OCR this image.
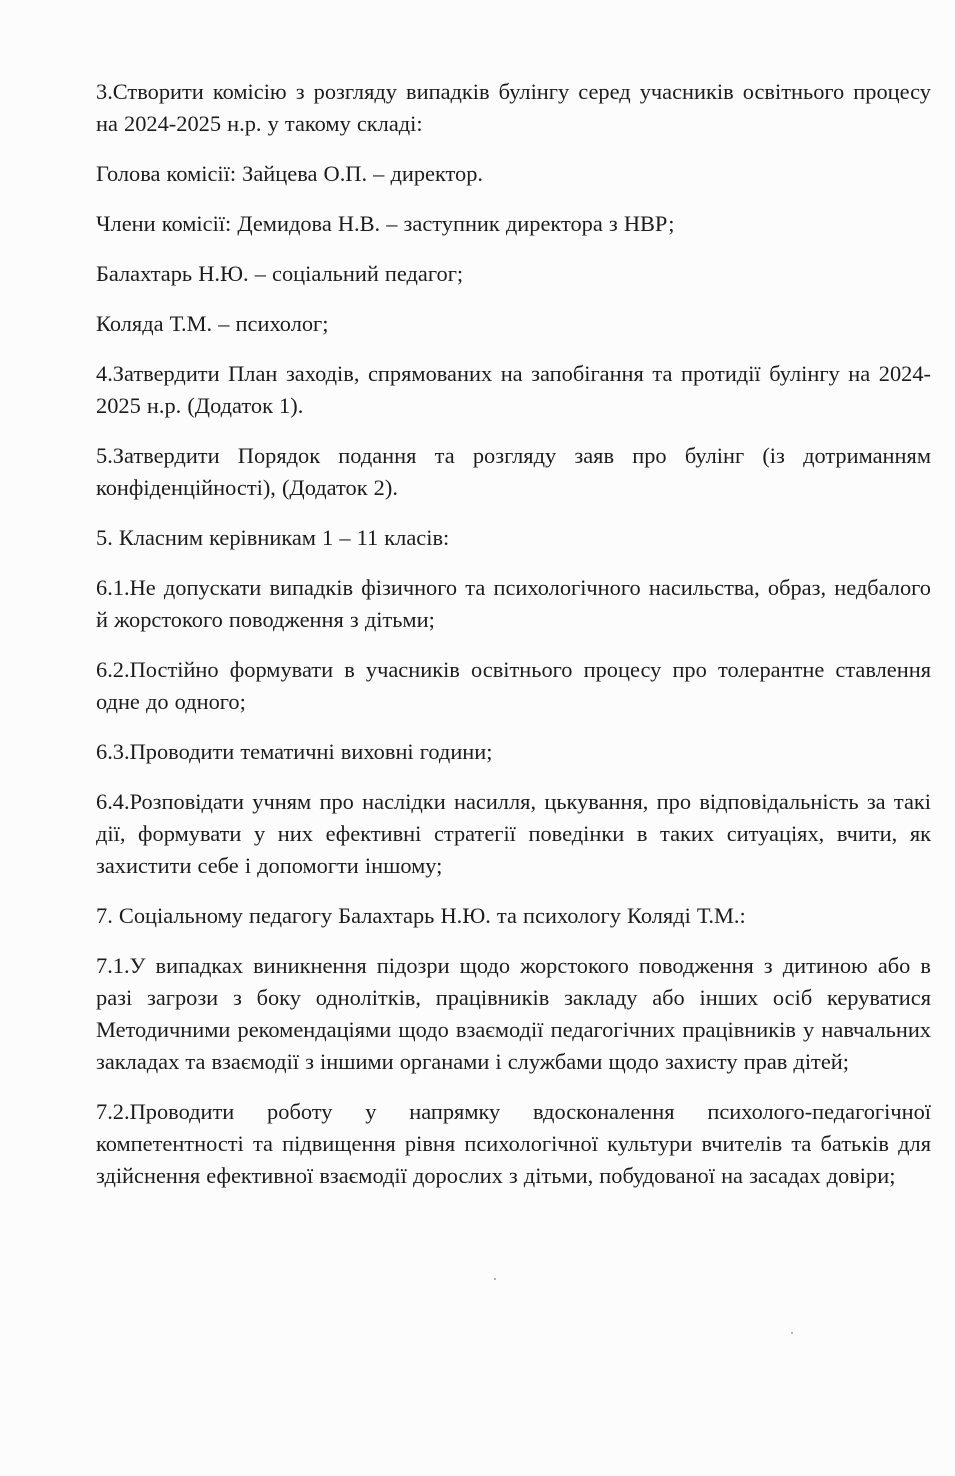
3.Створити комісію з розгляду випадків булінгу серед учасників освітнього процесу на 2024-2025 н.р. у такому складі:

Голова комісії: Зайцева О.П. – директор.

Члени комісії: Демидова Н.В. – заступник директора з НВР;

Балахтарь Н.Ю. – соціальний педагог;

Коляда Т.М. – психолог;

4.Затвердити План заходів, спрямованих на запобігання та протидії булінгу на 2024-2025 н.р. (Додаток 1).

5.Затвердити Порядок подання та розгляду заяв про булінг (із дотриманням конфіденційності), (Додаток 2).

5. Класним керівникам 1 – 11 класів:

6.1.Не допускати випадків фізичного та психологічного насильства, образ, недбалого й жорстокого поводження з дітьми;

6.2.Постійно формувати в учасників освітнього процесу про толерантне ставлення одне до одного;

6.3.Проводити тематичні виховні години;

6.4.Розповідати учням про наслідки насилля, цькування, про відповідальність за такі дії, формувати у них ефективні стратегії поведінки в таких ситуаціях, вчити, як захистити себе і допомогти іншому;

7. Соціальному педагогу Балахтарь Н.Ю. та психологу Коляді Т.М.:

7.1.У випадках виникнення підозри щодо жорстокого поводження з дитиною або в разі загрози з боку однолітків, працівників закладу або інших осіб керуватися Методичними рекомендаціями щодо взаємодії педагогічних працівників у навчальних закладах та взаємодії з іншими органами і службами щодо захисту прав дітей;

7.2.Проводити роботу у напрямку вдосконалення психолого-педагогічної компетентності та підвищення рівня психологічної культури вчителів та батьків для здійснення ефективної взаємодії дорослих з дітьми, побудованої на засадах довіри;
